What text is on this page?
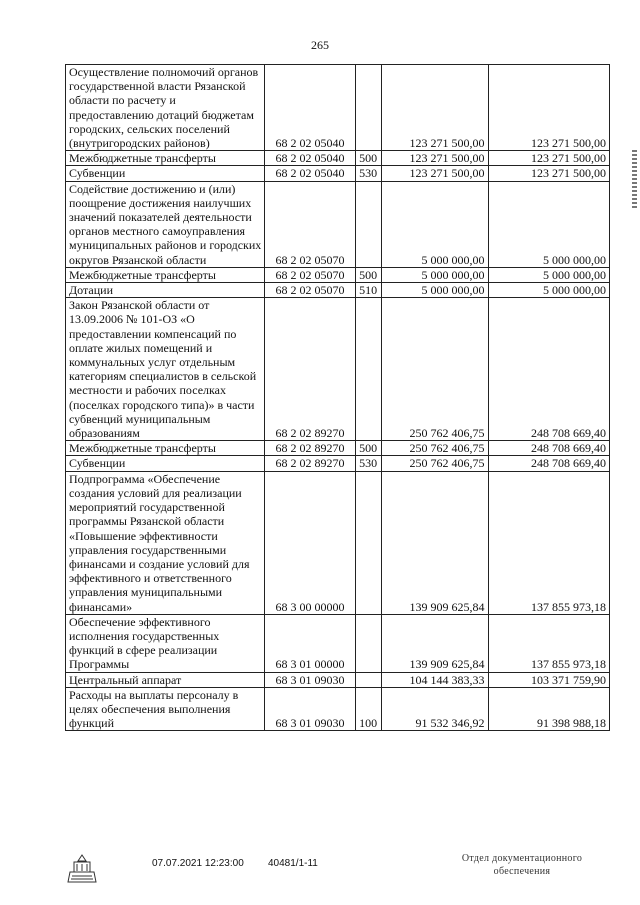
265
Осуществление полномочий органов государственной власти Рязанской области по расчету и предоставлению дотаций бюджетам городских, сельских поселений (внутригородских районов)	68 2 02 05040		123 271 500,00	123 271 500,00
Межбюджетные трансферты	68 2 02 05040	500	123 271 500,00	123 271 500,00
Субвенции	68 2 02 05040	530	123 271 500,00	123 271 500,00
Содействие достижению и (или) поощрение достижения наилучших значений показателей деятельности органов местного самоуправления муниципальных районов и городских округов Рязанской области	68 2 02 05070		5 000 000,00	5 000 000,00
Межбюджетные трансферты	68 2 02 05070	500	5 000 000,00	5 000 000,00
Дотации	68 2 02 05070	510	5 000 000,00	5 000 000,00
Закон Рязанской области от 13.09.2006 № 101-ОЗ «О предоставлении компенсаций по оплате жилых помещений и коммунальных услуг отдельным категориям специалистов в сельской местности и рабочих поселках (поселках городского типа)» в части субвенций муниципальным образованиям	68 2 02 89270		250 762 406,75	248 708 669,40
Межбюджетные трансферты	68 2 02 89270	500	250 762 406,75	248 708 669,40
Субвенции	68 2 02 89270	530	250 762 406,75	248 708 669,40
Подпрограмма «Обеспечение создания условий для реализации мероприятий государственной программы Рязанской области «Повышение эффективности управления государственными финансами и создание условий для эффективного и ответственного управления муниципальными финансами»	68 3 00 00000		139 909 625,84	137 855 973,18
Обеспечение эффективного исполнения государственных функций в сфере реализации Программы	68 3 01 00000		139 909 625,84	137 855 973,18
Центральный аппарат	68 3 01 09030		104 144 383,33	103 371 759,90
Расходы на выплаты персоналу в целях обеспечения выполнения функций	68 3 01 09030	100	91 532 346,92	91 398 988,18
07.07.2021 12:23:00 40481/1-11	Отдел документационного
обеспечения
